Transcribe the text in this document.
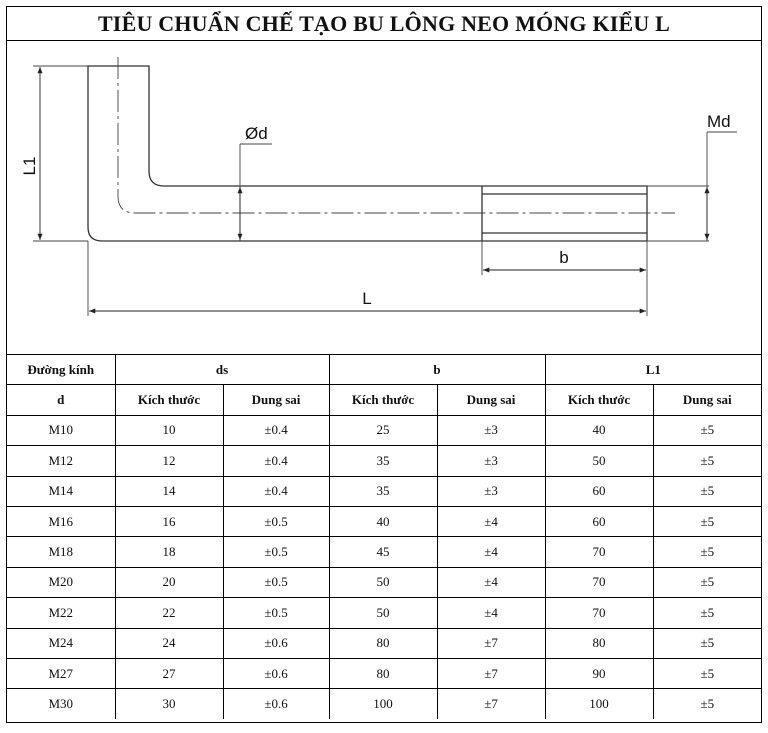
TIÊU CHUẨN CHẾ TẠO BU LÔNG NEO MÓNG KIỂU L
L1
Ød
Md
b
L
Đường kính	ds		b		L1	
d	Kích thước	Dung sai	Kích thước	Dung sai	Kích thước	Dung sai
M10	10	±0.4	25	±3	40	±5
M12	12	±0.4	35	±3	50	±5
M14	14	±0.4	35	±3	60	±5
M16	16	±0.5	40	±4	60	±5
M18	18	±0.5	45	±4	70	±5
M20	20	±0.5	50	±4	70	±5
M22	22	±0.5	50	±4	70	±5
M24	24	±0.6	80	±7	80	±5
M27	27	±0.6	80	±7	90	±5
M30	30	±0.6	100	±7	100	±5
